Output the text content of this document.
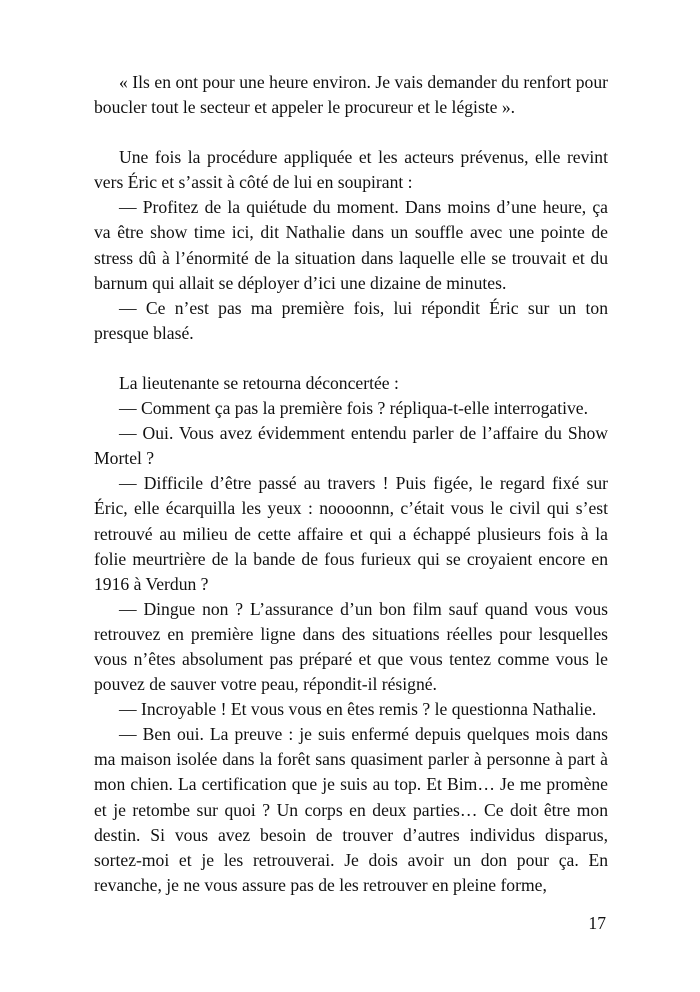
« Ils en ont pour une heure environ. Je vais demander du renfort pour boucler tout le secteur et appeler le procureur et le légiste ».

Une fois la procédure appliquée et les acteurs prévenus, elle revint vers Éric et s’assit à côté de lui en soupirant :

— Profitez de la quiétude du moment. Dans moins d’une heure, ça va être show time ici, dit Nathalie dans un souffle avec une pointe de stress dû à l’énormité de la situation dans laquelle elle se trouvait et du barnum qui allait se déployer d’ici une dizaine de minutes.

— Ce n’est pas ma première fois, lui répondit Éric sur un ton presque blasé.

La lieutenante se retourna déconcertée :

— Comment ça pas la première fois ? répliqua-t-elle interrogative.

— Oui. Vous avez évidemment entendu parler de l’affaire du Show Mortel ?

— Difficile d’être passé au travers ! Puis figée, le regard fixé sur Éric, elle écarquilla les yeux : noooonnn, c’était vous le civil qui s’est retrouvé au milieu de cette affaire et qui a échappé plusieurs fois à la folie meurtrière de la bande de fous furieux qui se croyaient encore en 1916 à Verdun ?

— Dingue non ? L’assurance d’un bon film sauf quand vous vous retrouvez en première ligne dans des situations réelles pour lesquelles vous n’êtes absolument pas préparé et que vous tentez comme vous le pouvez de sauver votre peau, répondit-il résigné.

— Incroyable ! Et vous vous en êtes remis ? le questionna Nathalie.

— Ben oui. La preuve : je suis enfermé depuis quelques mois dans ma maison isolée dans la forêt sans quasiment parler à personne à part à mon chien. La certification que je suis au top. Et Bim… Je me promène et je retombe sur quoi ? Un corps en deux parties… Ce doit être mon destin. Si vous avez besoin de trouver d’autres individus disparus, sortez-moi et je les retrouverai. Je dois avoir un don pour ça. En revanche, je ne vous assure pas de les retrouver en pleine forme,

17
